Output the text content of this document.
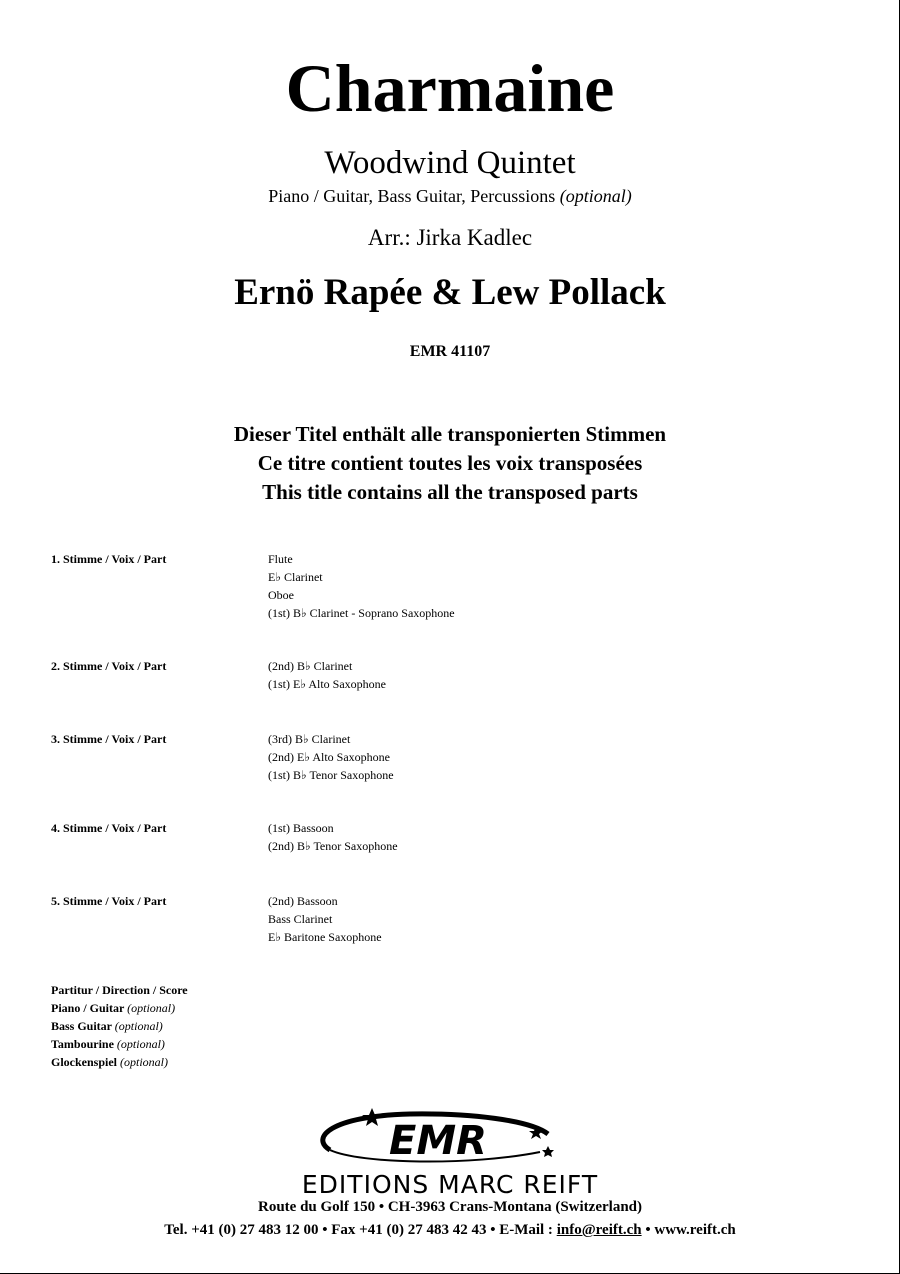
Charmaine
Woodwind Quintet
Piano / Guitar, Bass Guitar, Percussions (optional)
Arr.: Jirka Kadlec
Ernö Rapée & Lew Pollack
EMR 41107
Dieser Titel enthält alle transponierten Stimmen
Ce titre contient toutes les voix transposées
This title contains all the transposed parts
1. Stimme / Voix / Part	Flute
E♭ Clarinet
Oboe
(1st) B♭ Clarinet - Soprano Saxophone
2. Stimme / Voix / Part	(2nd) B♭ Clarinet
(1st) E♭ Alto Saxophone
3. Stimme / Voix / Part	(3rd) B♭ Clarinet
(2nd) E♭ Alto Saxophone
(1st) B♭ Tenor Saxophone
4. Stimme / Voix / Part	(1st) Bassoon
(2nd) B♭ Tenor Saxophone
5. Stimme / Voix / Part	(2nd) Bassoon
Bass Clarinet
E♭ Baritone Saxophone
Partitur / Direction / Score
Piano / Guitar (optional)
Bass Guitar (optional)
Tambourine (optional)
Glockenspiel (optional)
EMR
EDITIONS MARC REIFT
Route du Golf 150 • CH-3963 Crans-Montana (Switzerland)
Tel. +41 (0) 27 483 12 00 • Fax +41 (0) 27 483 42 43 • E-Mail : info@reift.ch • www.reift.ch
